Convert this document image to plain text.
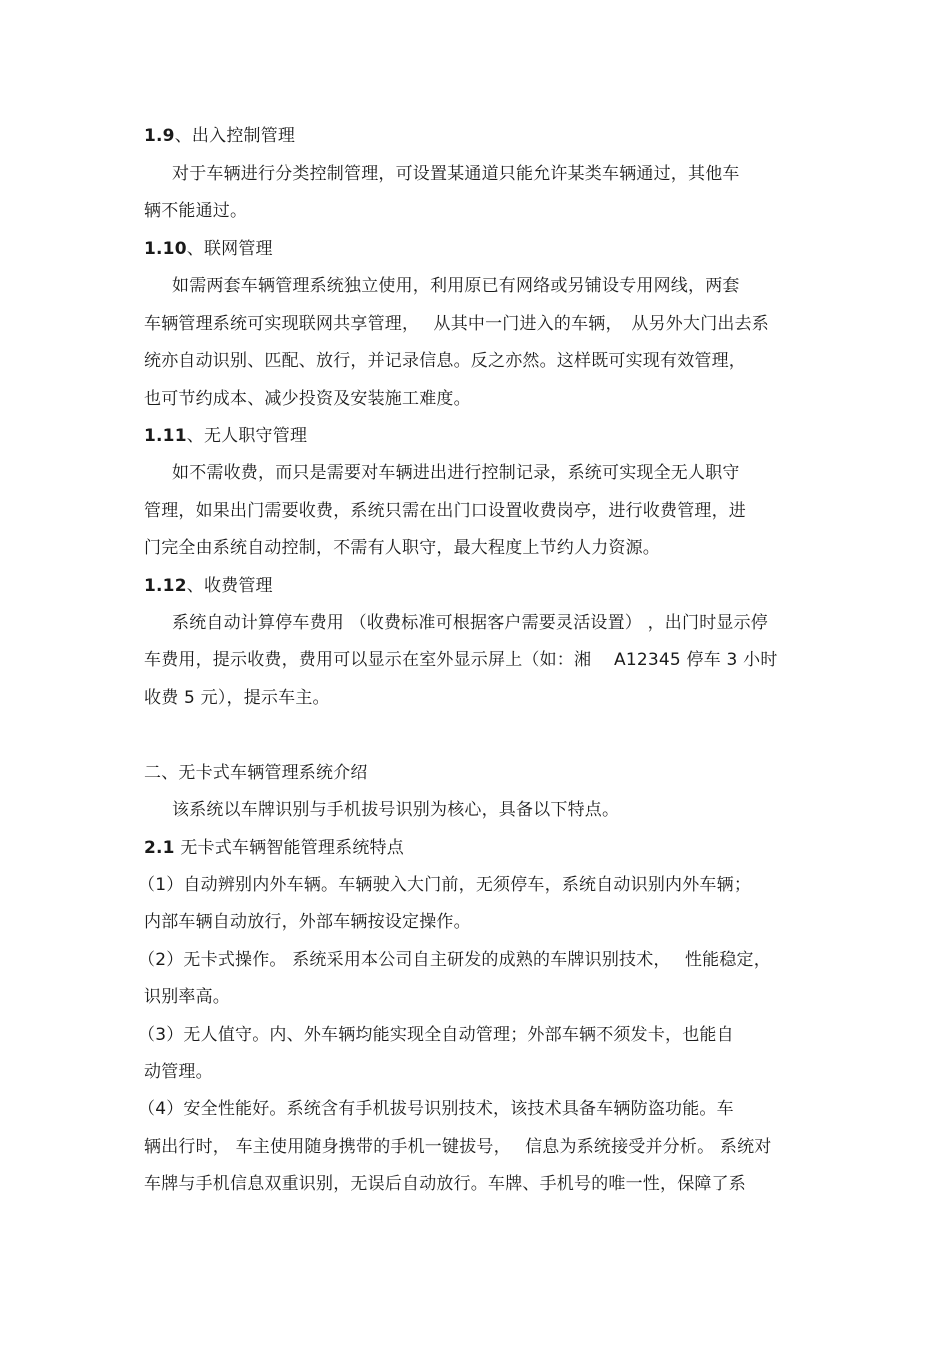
1.9、出入控制管理
对于车辆进行分类控制管理，可设置某通道只能允许某类车辆通过，其他车
辆不能通过。
1.10、联网管理
如需两套车辆管理系统独立使用，利用原已有网络或另铺设专用网线，两套
车辆管理系统可实现联网共享管理，　 从其中一门进入的车辆，　从另外大门出去系
统亦自动识别、匹配、放行，并记录信息。反之亦然。这样既可实现有效管理，
也可节约成本、减少投资及安装施工难度。
1.11、无人职守管理
如不需收费，而只是需要对车辆进出进行控制记录，系统可实现全无人职守
管理，如果出门需要收费，系统只需在出门口设置收费岗亭，进行收费管理，进
门完全由系统自动控制，不需有人职守，最大程度上节约人力资源。
1.12、收费管理
系统自动计算停车费用 （收费标准可根据客户需要灵活设置） ，出门时显示停
车费用，提示收费，费用可以显示在室外显示屏上（如：湘　 A12345 停车 3 小时
收费 5 元），提示车主。
二、无卡式车辆管理系统介绍
该系统以车牌识别与手机拔号识别为核心，具备以下特点。
2.1 无卡式车辆智能管理系统特点
（1）自动辨别内外车辆。车辆驶入大门前，无须停车，系统自动识别内外车辆；
内部车辆自动放行，外部车辆按设定操作。
（2）无卡式操作。 系统采用本公司自主研发的成熟的车牌识别技术，　 性能稳定，
识别率高。
（3）无人值守。内、外车辆均能实现全自动管理；外部车辆不须发卡，也能自
动管理。
（4）安全性能好。系统含有手机拔号识别技术，该技术具备车辆防盗功能。车
辆出行时， 车主使用随身携带的手机一键拔号，　 信息为系统接受并分析。 系统对
车牌与手机信息双重识别，无误后自动放行。车牌、手机号的唯一性，保障了系
